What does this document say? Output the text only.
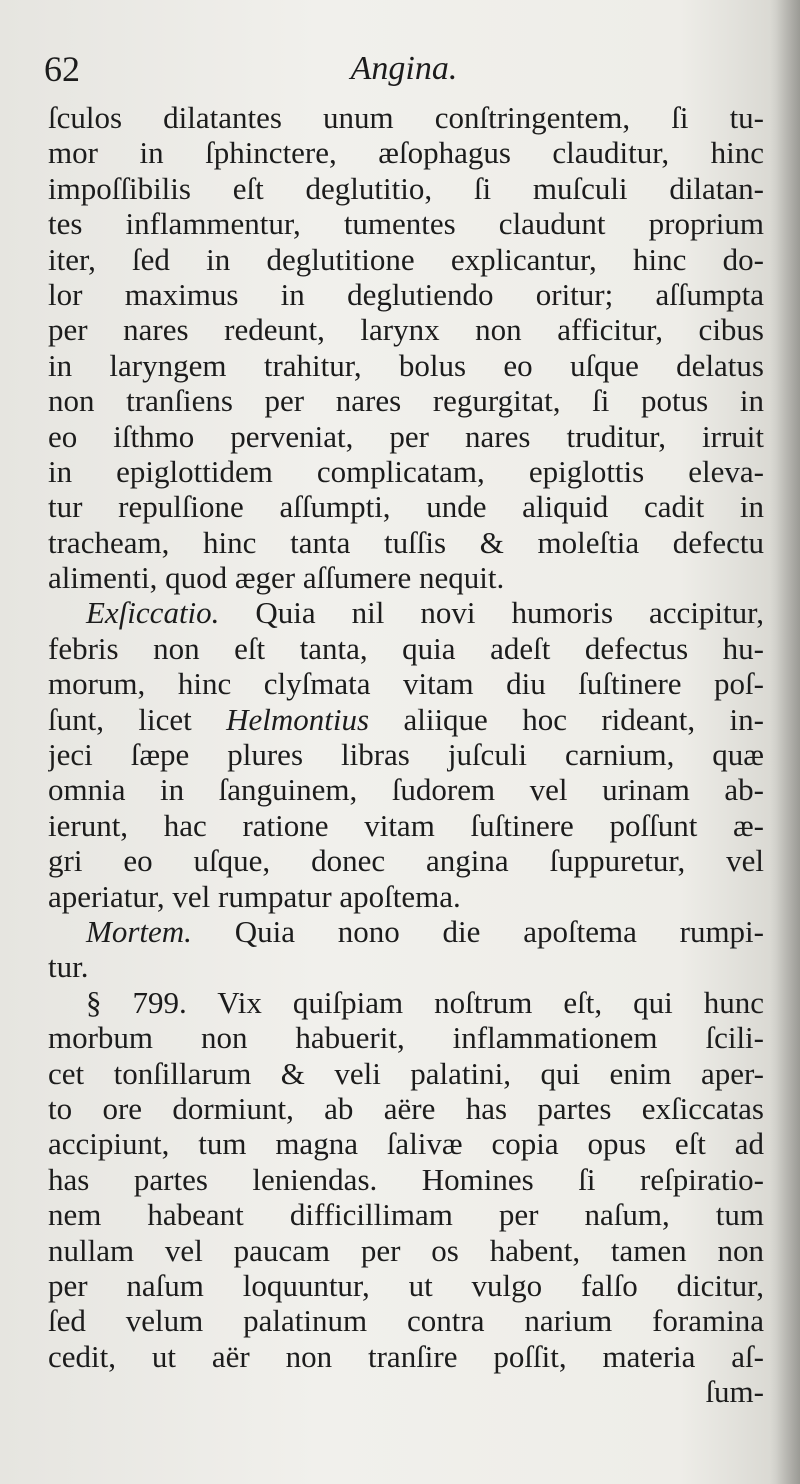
62	Angina.
ſculos dilatantes unum conſtringentem, ſi tu-
mor in ſphinctere, æſophagus clauditur, hinc
impoſſibilis eſt deglutitio, ſi muſculi dilatan-
tes inflammentur, tumentes claudunt proprium
iter, ſed in deglutitione explicantur, hinc do-
lor maximus in deglutiendo oritur; aſſumpta
per nares redeunt, larynx non afficitur, cibus
in laryngem trahitur, bolus eo uſque delatus
non tranſiens per nares regurgitat, ſi potus in
eo iſthmo perveniat, per nares truditur, irruit
in epiglottidem complicatam, epiglottis eleva-
tur repulſione aſſumpti, unde aliquid cadit in
tracheam, hinc tanta tuſſis & moleſtia defectu
alimenti, quod æger aſſumere nequit.
Exſiccatio. Quia nil novi humoris accipitur,
febris non eſt tanta, quia adeſt defectus hu-
morum, hinc clyſmata vitam diu ſuſtinere poſ-
ſunt, licet Helmontius aliique hoc rideant, in-
jeci ſæpe plures libras juſculi carnium, quæ
omnia in ſanguinem, ſudorem vel urinam ab-
ierunt, hac ratione vitam ſuſtinere poſſunt æ-
gri eo uſque, donec angina ſuppuretur, vel
aperiatur, vel rumpatur apoſtema.
Mortem. Quia nono die apoſtema rumpi-
tur.
§ 799. Vix quiſpiam noſtrum eſt, qui hunc
morbum non habuerit, inflammationem ſcili-
cet tonſillarum & veli palatini, qui enim aper-
to ore dormiunt, ab aëre has partes exſiccatas
accipiunt, tum magna ſalivæ copia opus eſt ad
has partes leniendas. Homines ſi reſpiratio-
nem habeant difficillimam per naſum, tum
nullam vel paucam per os habent, tamen non
per naſum loquuntur, ut vulgo falſo dicitur,
ſed velum palatinum contra narium foramina
cedit, ut aër non tranſire poſſit, materia aſ-
ſum-
